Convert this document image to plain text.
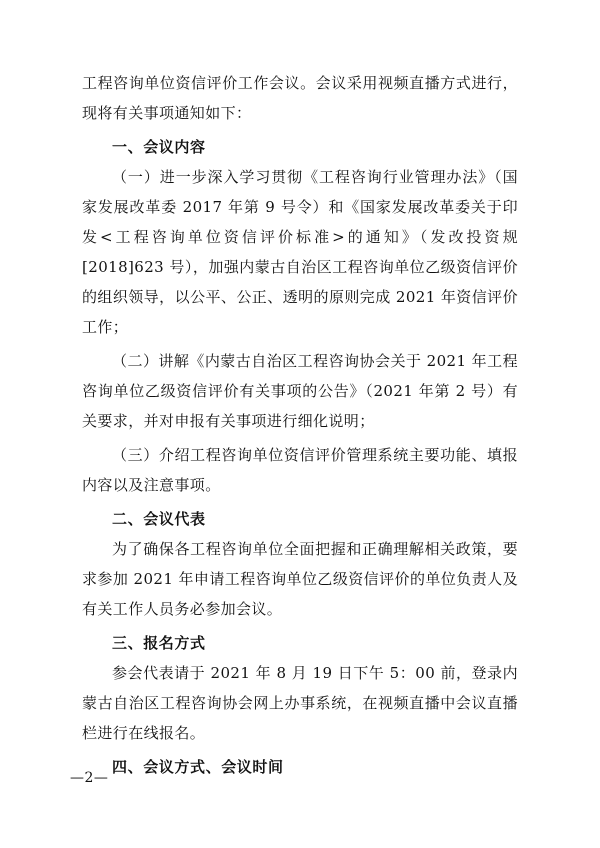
工程咨询单位资信评价工作会议。会议采用视频直播方式进行，现将有关事项通知如下：

一、会议内容

（一）进一步深入学习贯彻《工程咨询行业管理办法》（国家发展改革委 2017 年第 9 号令）和《国家发展改革委关于印发<工程咨询单位资信评价标准>的通知》（发改投资规[2018]623 号），加强内蒙古自治区工程咨询单位乙级资信评价的组织领导，以公平、公正、透明的原则完成 2021 年资信评价工作；

（二）讲解《内蒙古自治区工程咨询协会关于 2021 年工程咨询单位乙级资信评价有关事项的公告》（2021 年第 2 号）有关要求，并对申报有关事项进行细化说明；

（三）介绍工程咨询单位资信评价管理系统主要功能、填报内容以及注意事项。

二、会议代表

为了确保各工程咨询单位全面把握和正确理解相关政策，要求参加 2021 年申请工程咨询单位乙级资信评价的单位负责人及有关工作人员务必参加会议。

三、报名方式

参会代表请于 2021 年 8 月 19 日下午 5：00 前，登录内蒙古自治区工程咨询协会网上办事系统，在视频直播中会议直播栏进行在线报名。

四、会议方式、会议时间

—2—
